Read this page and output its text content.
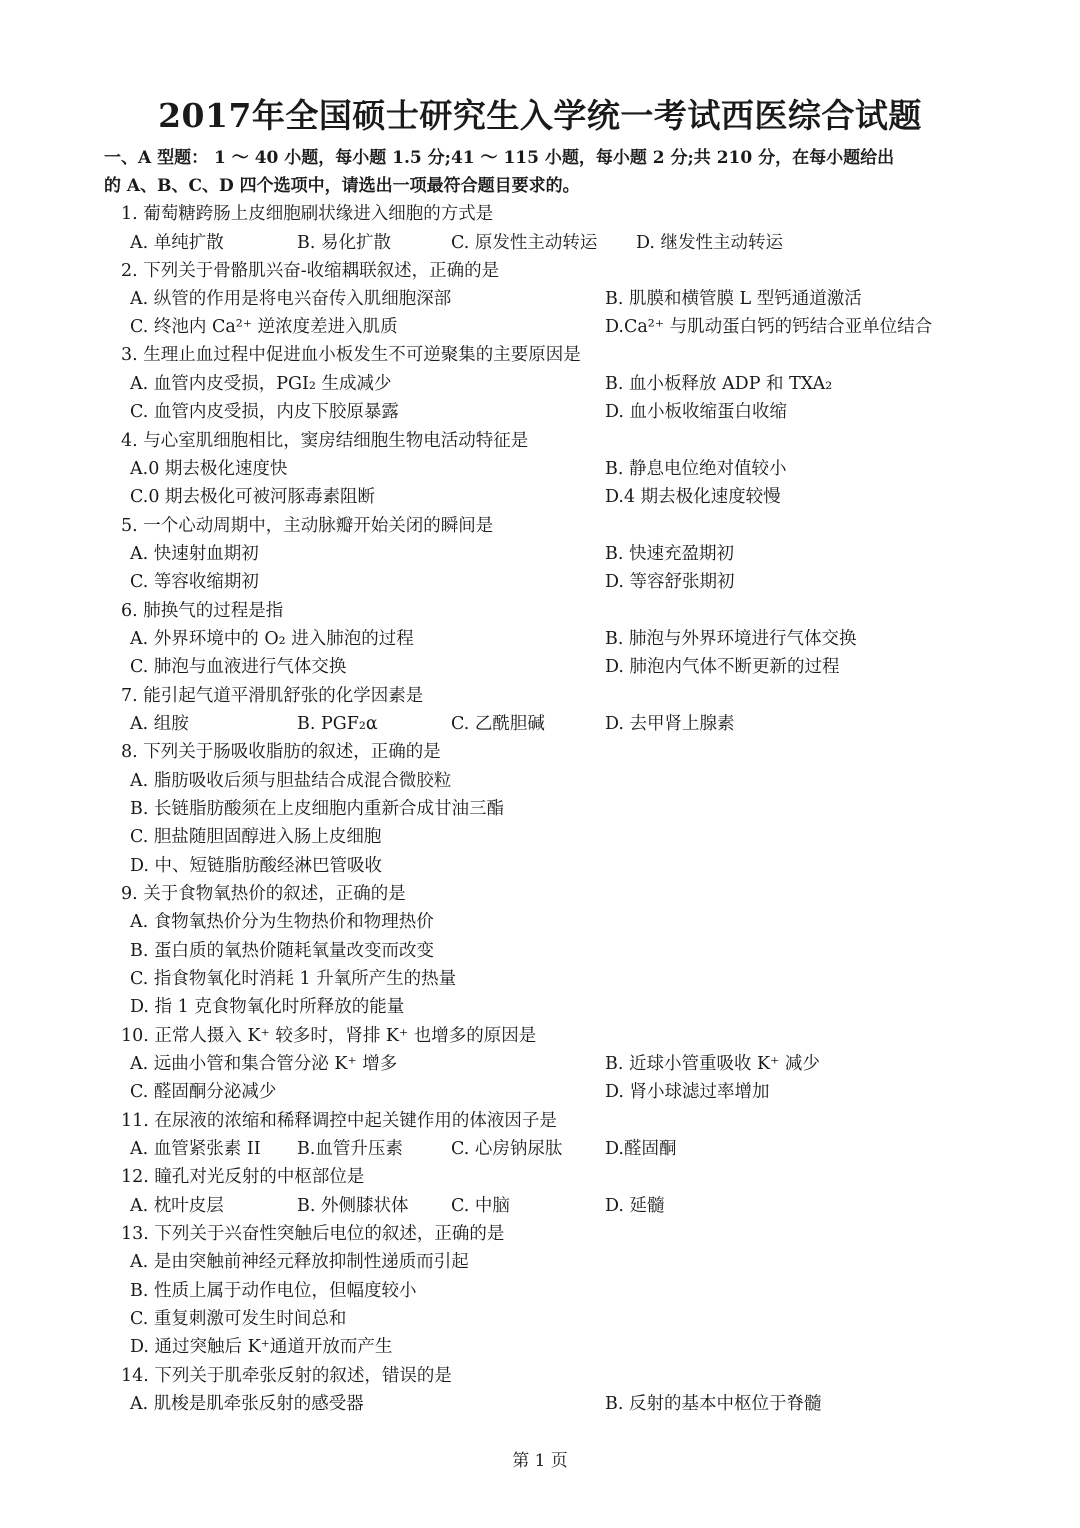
2017年全国硕士研究生入学统一考试西医综合试题
一、A 型题： 1 ～ 40 小题，每小题 1.5 分;41 ～ 115 小题，每小题 2 分;共 210 分，在每小题给出
的 A、B、C、D 四个选项中，请选出一项最符合题目要求的。
1. 葡萄糖跨肠上皮细胞刷状缘进入细胞的方式是
A. 单纯扩散	B. 易化扩散	C. 原发性主动转运 D. 继发性主动转运
2. 下列关于骨骼肌兴奋-收缩耦联叙述，正确的是
A. 纵管的作用是将电兴奋传入肌细胞深部	B. 肌膜和横管膜 L 型钙通道激活
C. 终池内 Ca²⁺ 逆浓度差进入肌质	D.Ca²⁺ 与肌动蛋白钙的钙结合亚单位结合
3. 生理止血过程中促进血小板发生不可逆聚集的主要原因是
A. 血管内皮受损，PGI₂ 生成减少	B. 血小板释放 ADP 和 TXA₂
C. 血管内皮受损，内皮下胶原暴露	D. 血小板收缩蛋白收缩
4. 与心室肌细胞相比，窦房结细胞生物电活动特征是
A.0 期去极化速度快	B. 静息电位绝对值较小
C.0 期去极化可被河豚毒素阻断	D.4 期去极化速度较慢
5. 一个心动周期中，主动脉瓣开始关闭的瞬间是
A. 快速射血期初	B. 快速充盈期初
C. 等容收缩期初	D. 等容舒张期初
6. 肺换气的过程是指
A. 外界环境中的 O₂ 进入肺泡的过程	B. 肺泡与外界环境进行气体交换
C. 肺泡与血液进行气体交换	D. 肺泡内气体不断更新的过程
7. 能引起气道平滑肌舒张的化学因素是
A. 组胺	B. PGF₂α	C. 乙酰胆碱	D. 去甲肾上腺素
8. 下列关于肠吸收脂肪的叙述，正确的是
A. 脂肪吸收后须与胆盐结合成混合微胶粒
B. 长链脂肪酸须在上皮细胞内重新合成甘油三酯
C. 胆盐随胆固醇进入肠上皮细胞
D. 中、短链脂肪酸经淋巴管吸收
9. 关于食物氧热价的叙述，正确的是
A. 食物氧热价分为生物热价和物理热价
B. 蛋白质的氧热价随耗氧量改变而改变
C. 指食物氧化时消耗 1 升氧所产生的热量
D. 指 1 克食物氧化时所释放的能量
10. 正常人摄入 K⁺ 较多时，肾排 K⁺ 也增多的原因是
A. 远曲小管和集合管分泌 K⁺ 增多	B. 近球小管重吸收 K⁺ 减少
C. 醛固酮分泌减少	D. 肾小球滤过率增加
11. 在尿液的浓缩和稀释调控中起关键作用的体液因子是
A. 血管紧张素 II B.血管升压素	C. 心房钠尿肽 D.醛固酮
12. 瞳孔对光反射的中枢部位是
A. 枕叶皮层	B. 外侧膝状体 C. 中脑	D. 延髓
13. 下列关于兴奋性突触后电位的叙述，正确的是
A. 是由突触前神经元释放抑制性递质而引起
B. 性质上属于动作电位，但幅度较小
C. 重复刺激可发生时间总和
D. 通过突触后 K⁺通道开放而产生
14. 下列关于肌牵张反射的叙述，错误的是
A. 肌梭是肌牵张反射的感受器	B. 反射的基本中枢位于脊髓
第 1 页
